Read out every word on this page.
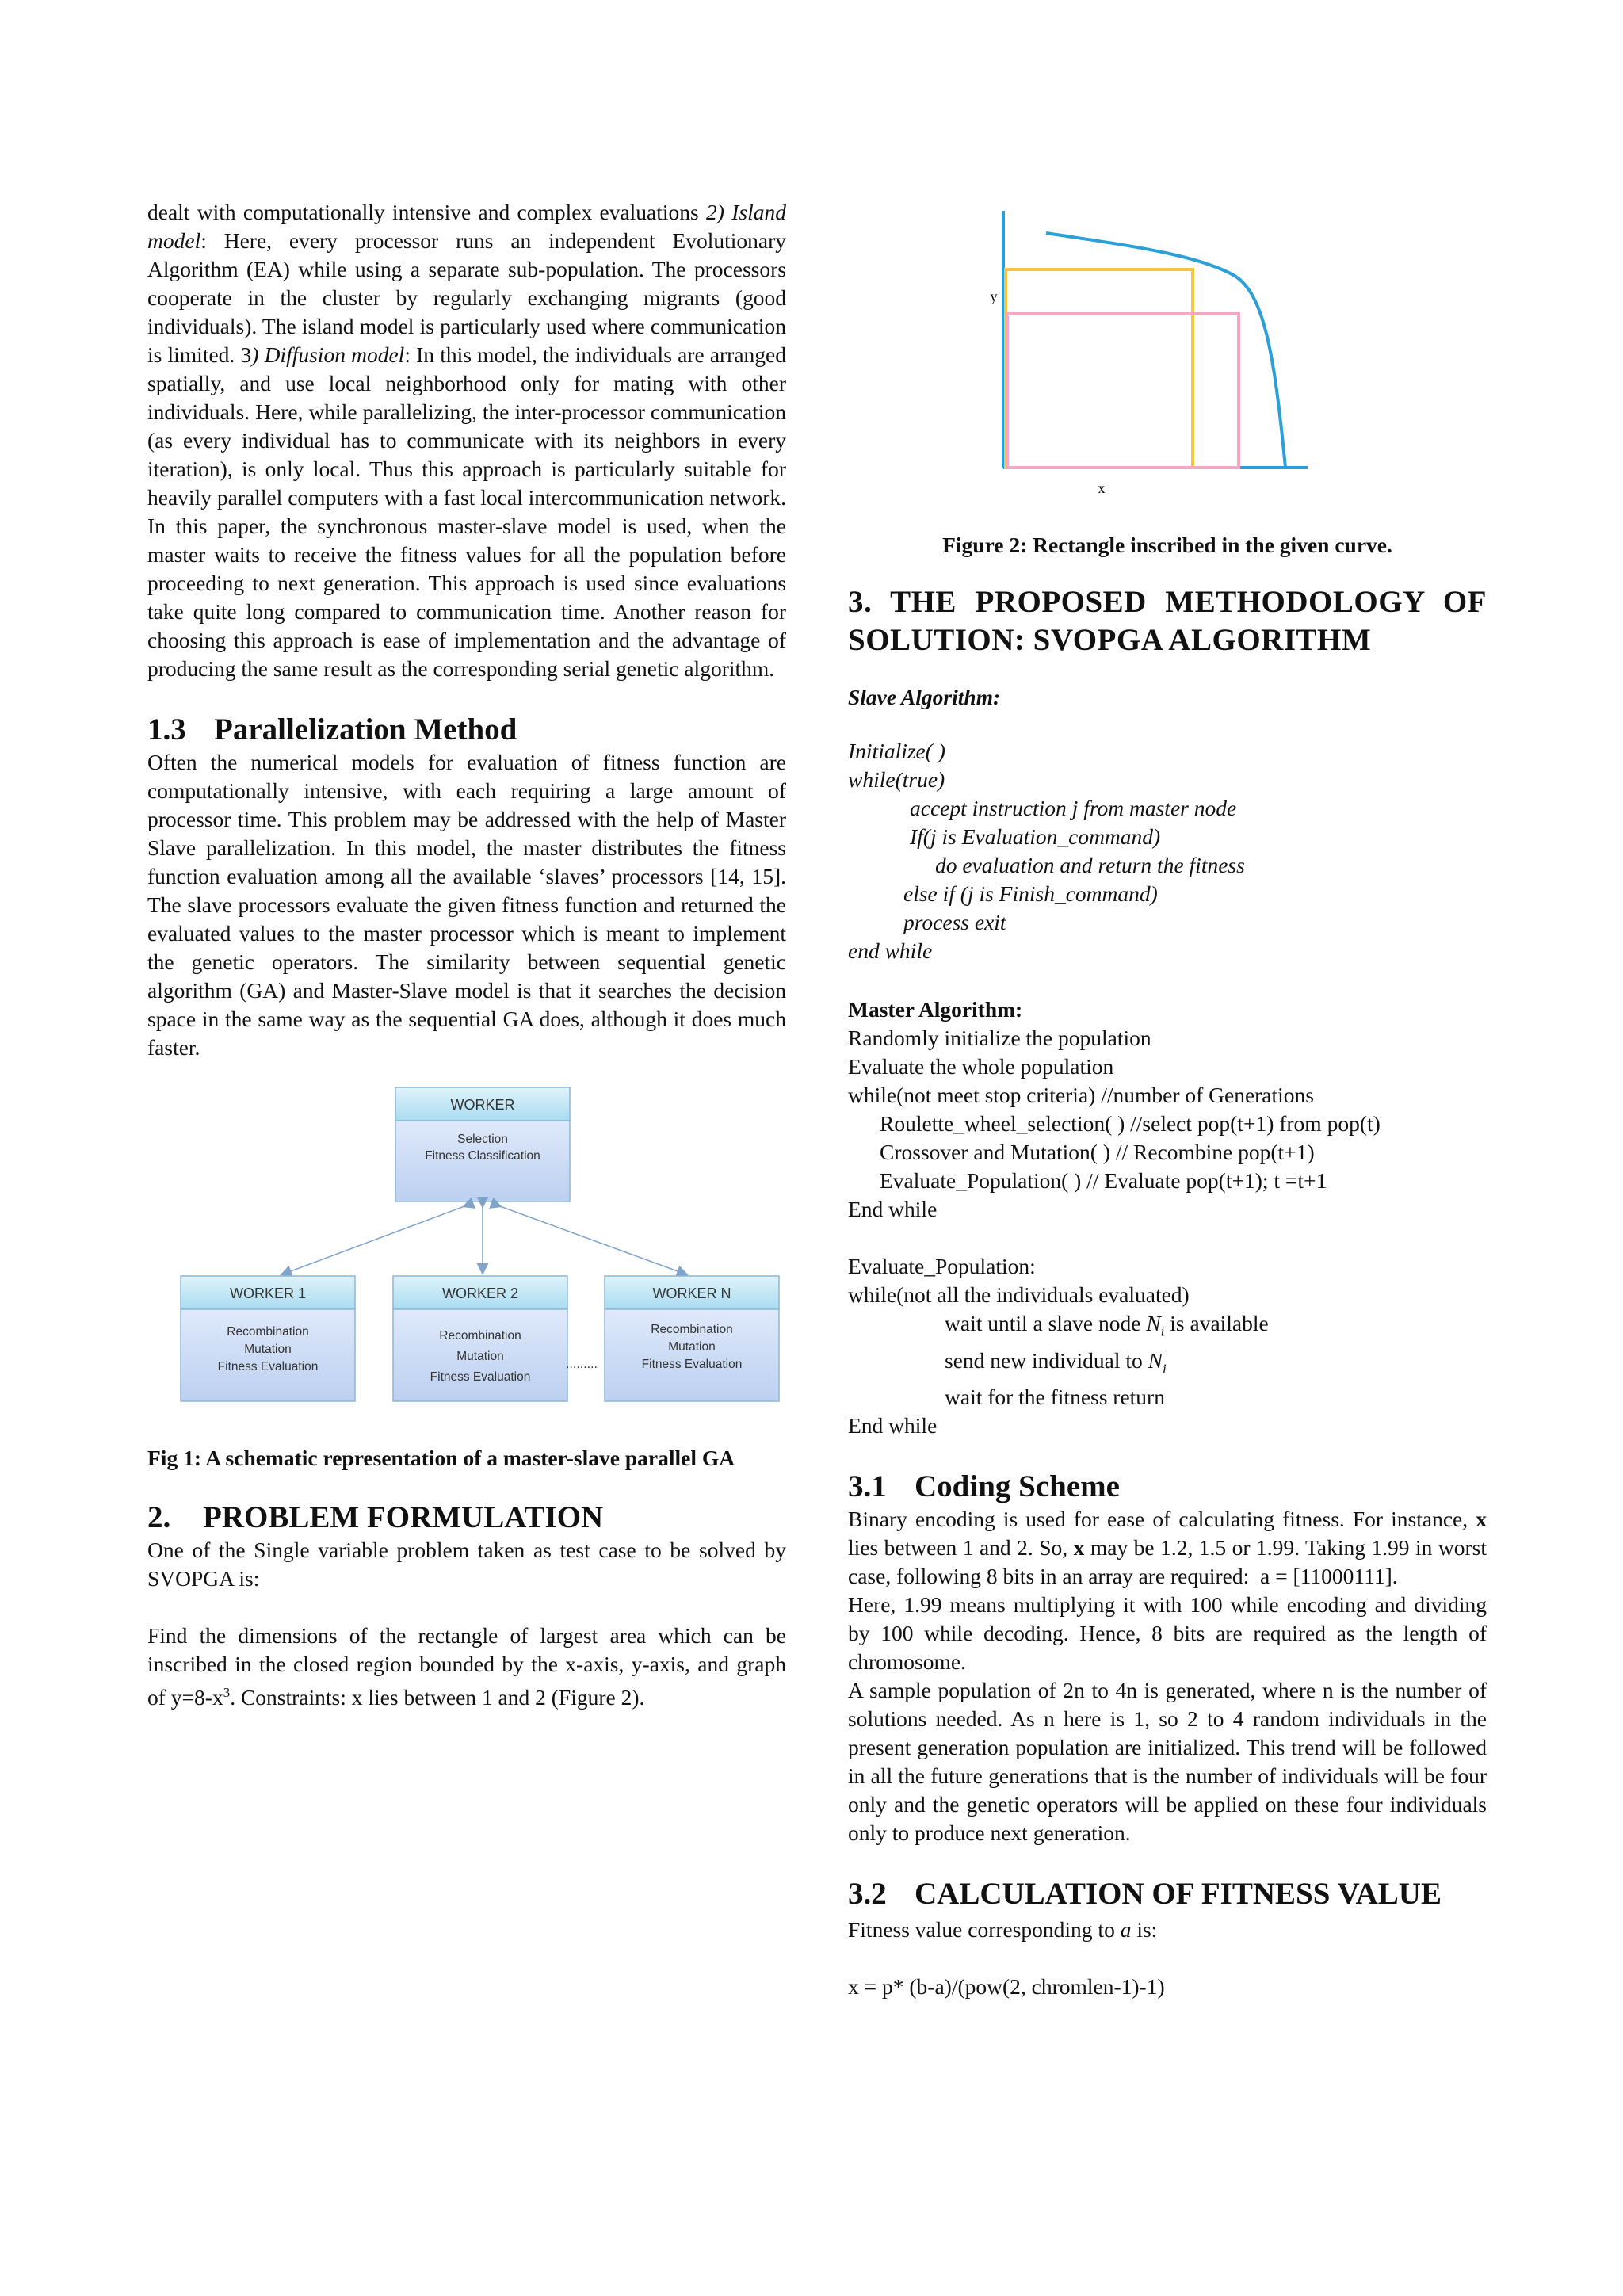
dealt with computationally intensive and complex evaluations 2) Island model: Here, every processor runs an independent Evolutionary Algorithm (EA) while using a separate sub-population. The processors cooperate in the cluster by regularly exchanging migrants (good individuals). The island model is particularly used where communication is limited. 3) Diffusion model: In this model, the individuals are arranged spatially, and use local neighborhood only for mating with other individuals. Here, while parallelizing, the inter-processor communication (as every individual has to communicate with its neighbors in every iteration), is only local. Thus this approach is particularly suitable for heavily parallel computers with a fast local intercommunication network. In this paper, the synchronous master-slave model is used, when the master waits to receive the fitness values for all the population before proceeding to next generation. This approach is used since evaluations take quite long compared to communication time. Another reason for choosing this approach is ease of implementation and the advantage of producing the same result as the corresponding serial genetic algorithm.

1.3 Parallelization Method

Often the numerical models for evaluation of fitness function are computationally intensive, with each requiring a large amount of processor time. This problem may be addressed with the help of Master Slave parallelization. In this model, the master distributes the fitness function evaluation among all the available ‘slaves’ processors [14, 15]. The slave processors evaluate the given fitness function and returned the evaluated values to the master processor which is meant to implement the genetic operators. The similarity between sequential genetic algorithm (GA) and Master-Slave model is that it searches the decision space in the same way as the sequential GA does, although it does much faster.

WORKER
Selection
Fitness Classification
WORKER 1
Recombination
Mutation
Fitness Evaluation
WORKER 2
Recombination
Mutation
Fitness Evaluation
.........
WORKER N
Recombination
Mutation
Fitness Evaluation

Fig 1: A schematic representation of a master-slave parallel GA

2. PROBLEM FORMULATION

One of the Single variable problem taken as test case to be solved by SVOPGA is:

Find the dimensions of the rectangle of largest area which can be inscribed in the closed region bounded by the x-axis, y-axis, and graph of $y=8-x^3$. Constraints: x lies between 1 and 2 (Figure 2).

y
x

Figure 2: Rectangle inscribed in the given curve.

3. THE PROPOSED METHODOLOGY OF
SOLUTION: SVOPGA ALGORITHM

Slave Algorithm:

Initialize( )
while(true)
accept instruction j from master node
If(j is Evaluation_command)
do evaluation and return the fitness
else if (j is Finish_command)
process exit
end while

Master Algorithm:

Randomly initialize the population
Evaluate the whole population
while(not meet stop criteria) //number of Generations
Roulette_wheel_selection( ) //select pop(t+1) from pop(t)
Crossover and Mutation( ) // Recombine pop(t+1)
Evaluate_Population( ) // Evaluate pop(t+1); t =t+1
End while
Evaluate_Population:
while(not all the individuals evaluated)
wait until a slave node $N_i$ is available
send new individual to $N_i$
wait for the fitness return
End while
3.1 Coding Scheme

Binary encoding is used for ease of calculating fitness. For instance, x lies between 1 and 2. So, x may be 1.2, 1.5 or 1.99. Taking 1.99 in worst case, following 8 bits in an array are required:  a = [11000111].

Here, 1.99 means multiplying it with 100 while encoding and dividing by 100 while decoding. Hence, 8 bits are required as the length of chromosome.

A sample population of 2n to 4n is generated, where n is the number of solutions needed. As n here is 1, so 2 to 4 random individuals in the present generation population are initialized. This trend will be followed in all the future generations that is the number of individuals will be four only and the genetic operators will be applied on these four individuals only to produce next generation.

3.2 CALCULATION OF FITNESS VALUE

Fitness value corresponding to a is:

x = p* (b-a)/(pow(2, chromlen-1)-1)
